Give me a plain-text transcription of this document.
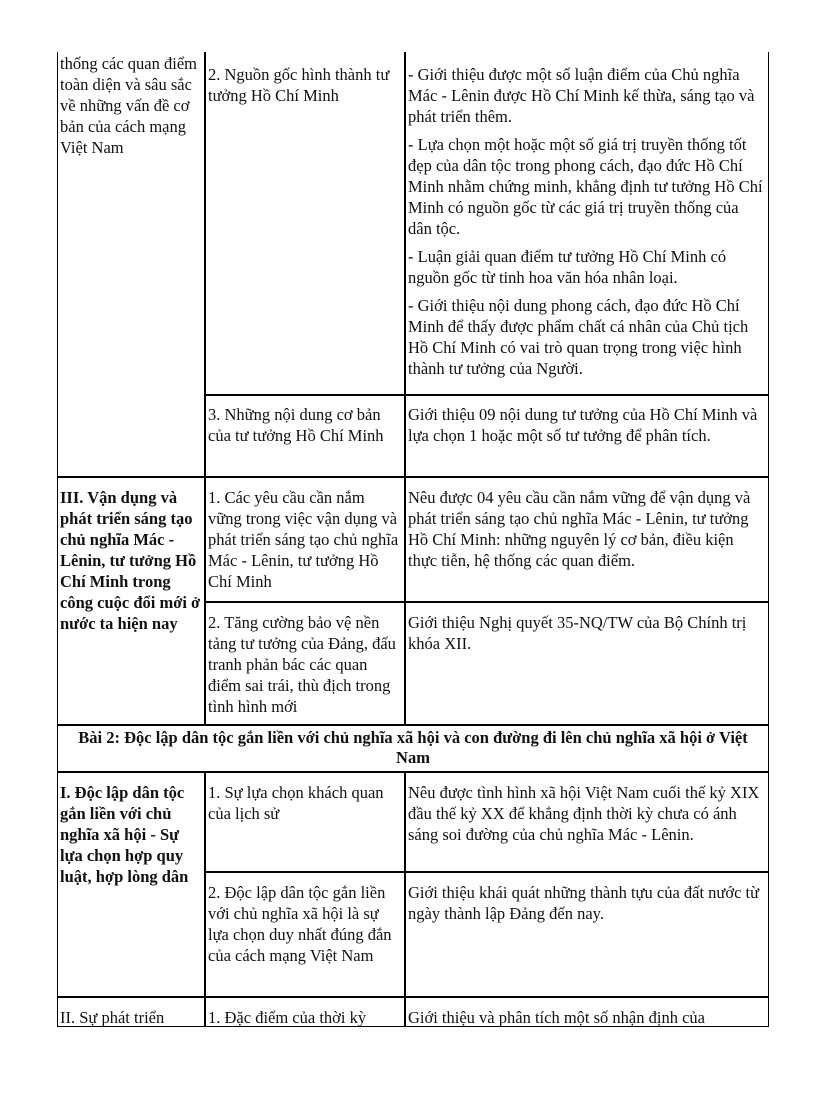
thống các quan điểm toàn diện và sâu sắc về những vấn đề cơ bản của cách mạng Việt Nam
2. Nguồn gốc hình thành tư tưởng Hồ Chí Minh

- Giới thiệu được một số luận điểm của Chủ nghĩa Mác - Lênin được Hồ Chí Minh kế thừa, sáng tạo và phát triển thêm.

- Lựa chọn một hoặc một số giá trị truyền thống tốt đẹp của dân tộc trong phong cách, đạo đức Hồ Chí Minh nhằm chứng minh, khẳng định tư tưởng Hồ Chí Minh có nguồn gốc từ các giá trị truyền thống của dân tộc.

- Luận giải quan điểm tư tưởng Hồ Chí Minh có nguồn gốc từ tinh hoa văn hóa nhân loại.

- Giới thiệu nội dung phong cách, đạo đức Hồ Chí Minh để thấy được phẩm chất cá nhân của Chủ tịch Hồ Chí Minh có vai trò quan trọng trong việc hình thành tư tưởng của Người.

3. Những nội dung cơ bản của tư tưởng Hồ Chí Minh
Giới thiệu 09 nội dung tư tưởng của Hồ Chí Minh và lựa chọn 1 hoặc một số tư tưởng để phân tích.
III. Vận dụng và phát triển sáng tạo chủ nghĩa Mác - Lênin, tư tưởng Hồ Chí Minh trong công cuộc đổi mới ở nước ta hiện nay
1. Các yêu cầu cần nắm vững trong việc vận dụng và phát triển sáng tạo chủ nghĩa Mác - Lênin, tư tưởng Hồ Chí Minh
Nêu được 04 yêu cầu cần nắm vững để vận dụng và phát triển sáng tạo chủ nghĩa Mác - Lênin, tư tưởng Hồ Chí Minh: những nguyên lý cơ bản, điều kiện thực tiễn, hệ thống các quan điểm.
2. Tăng cường bảo vệ nền tảng tư tưởng của Đảng, đấu tranh phản bác các quan điểm sai trái, thù địch trong tình hình mới
Giới thiệu Nghị quyết 35-NQ/TW của Bộ Chính trị khóa XII.
Bài 2: Độc lập dân tộc gắn liền với chủ nghĩa xã hội và con đường đi lên chủ nghĩa xã hội ở Việt Nam
I. Độc lập dân tộc gắn liền với chủ nghĩa xã hội - Sự lựa chọn hợp quy luật, hợp lòng dân
1. Sự lựa chọn khách quan của lịch sử
Nêu được tình hình xã hội Việt Nam cuối thế kỷ XIX đầu thế kỷ XX để khẳng định thời kỳ chưa có ánh sáng soi đường của chủ nghĩa Mác - Lênin.
2. Độc lập dân tộc gắn liền với chủ nghĩa xã hội là sự lựa chọn duy nhất đúng đắn của cách mạng Việt Nam
Giới thiệu khái quát những thành tựu của đất nước từ ngày thành lập Đảng đến nay.
II. Sự phát triển	1. Đặc điểm của thời kỳ	Giới thiệu và phân tích một số nhận định của
